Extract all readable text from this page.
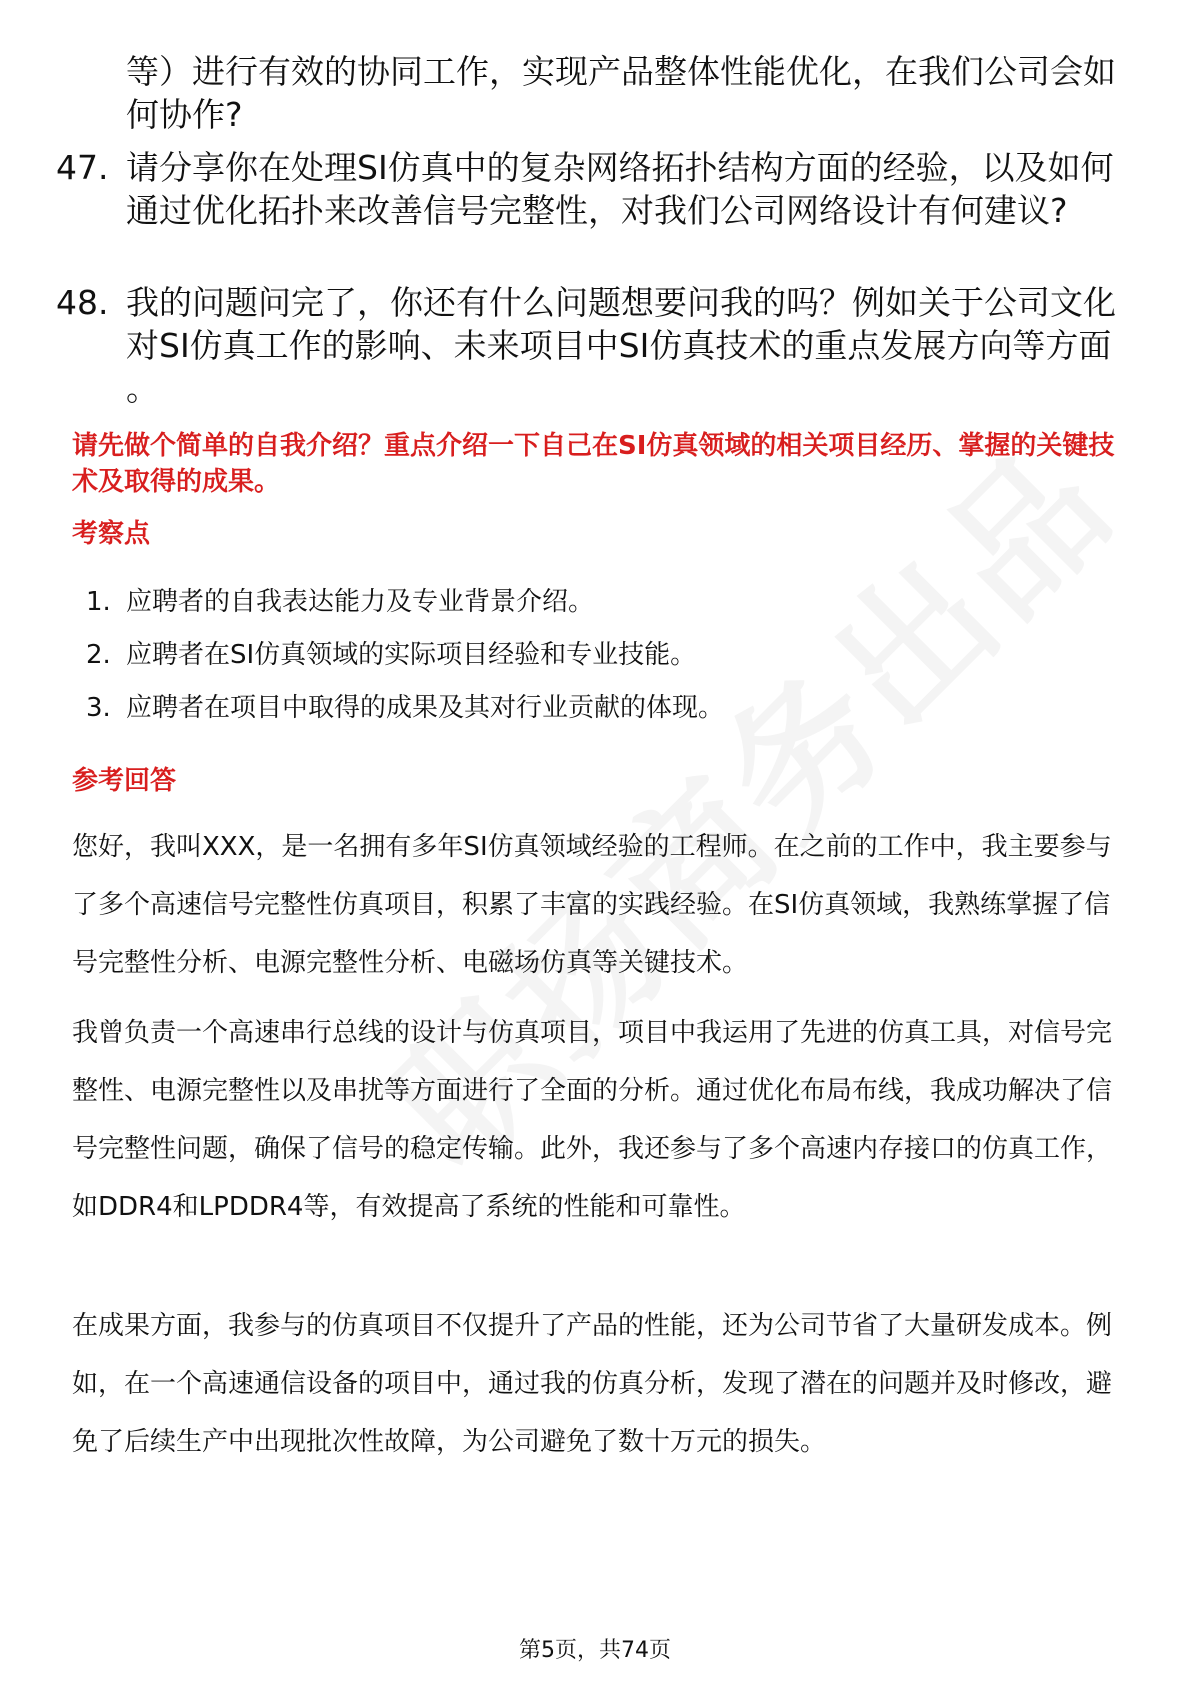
等）进行有效的协同工作，实现产品整体性能优化，在我们公司会如何协作?
47. 请分享你在处理SI仿真中的复杂网络拓扑结构方面的经验，以及如何通过优化拓扑来改善信号完整性，对我们公司网络设计有何建议?
48. 我的问题问完了，你还有什么问题想要问我的吗？例如关于公司文化对SI仿真工作的影响、未来项目中SI仿真技术的重点发展方向等方面 。
请先做个简单的自我介绍？重点介绍一下自己在SI仿真领域的相关项目经历、掌握的关键技术及取得的成果。
考察点
1. 应聘者的自我表达能力及专业背景介绍。
2. 应聘者在SI仿真领域的实际项目经验和专业技能。
3. 应聘者在项目中取得的成果及其对行业贡献的体现。
参考回答
您好，我叫XXX，是一名拥有多年SI仿真领域经验的工程师。在之前的工作中，我主要参与了多个高速信号完整性仿真项目，积累了丰富的实践经验。在SI仿真领域，我熟练掌握了信号完整性分析、电源完整性分析、电磁场仿真等关键技术。
我曾负责一个高速串行总线的设计与仿真项目，项目中我运用了先进的仿真工具，对信号完整性、电源完整性以及串扰等方面进行了全面的分析。通过优化布局布线，我成功解决了信号完整性问题，确保了信号的稳定传输。此外，我还参与了多个高速内存接口的仿真工作，如DDR4和LPDDR4等，有效提高了系统的性能和可靠性。
在成果方面，我参与的仿真项目不仅提升了产品的性能，还为公司节省了大量研发成本。例如，在一个高速通信设备的项目中，通过我的仿真分析，发现了潜在的问题并及时修改，避免了后续生产中出现批次性故障，为公司避免了数十万元的损失。
第5页，共74页
